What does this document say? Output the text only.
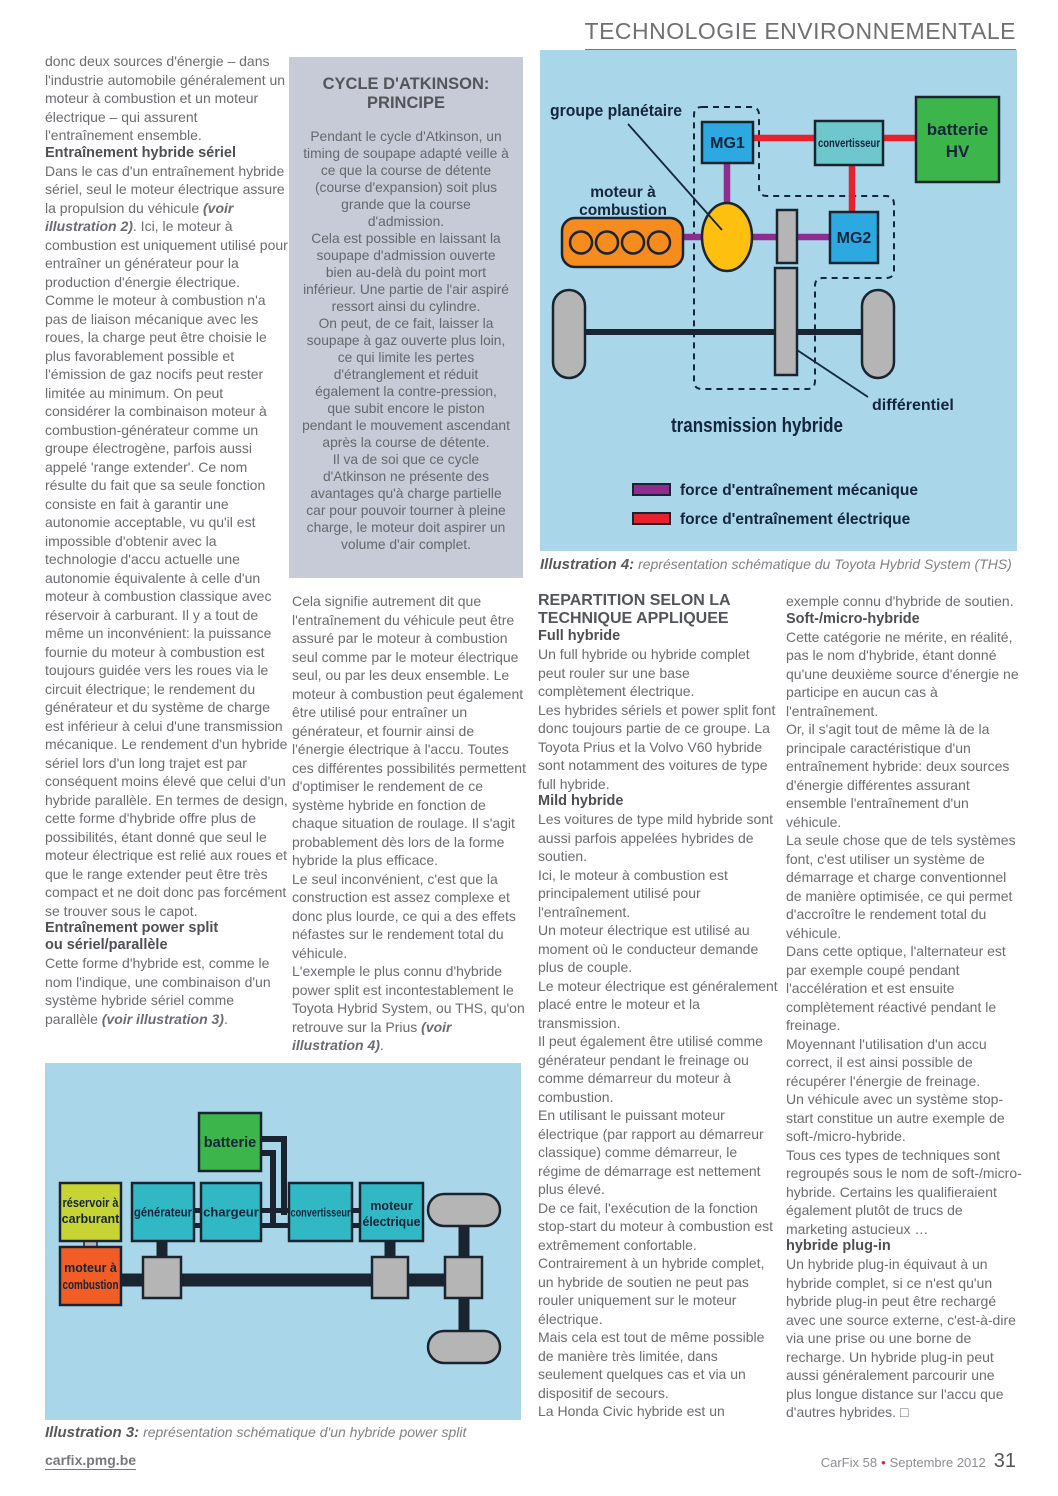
TECHNOLOGIE ENVIRONNEMENTALE

donc deux sources d'énergie – dans l'industrie automobile généralement un moteur à combustion et un moteur électrique – qui assurent l'entraînement ensemble.

Entraînement hybride sériel

Dans le cas d'un entraînement hybride sériel, seul le moteur électrique assure la propulsion du véhicule (voir illustration 2). Ici, le moteur à combustion est uniquement utilisé pour entraîner un générateur pour la production d'énergie électrique. Comme le moteur à combustion n'a pas de liaison mécanique avec les roues, la charge peut être choisie le plus favorablement possible et l'émission de gaz nocifs peut rester limitée au minimum. On peut considérer la combinaison moteur à combustion-générateur comme un groupe électrogène, parfois aussi appelé 'range extender'. Ce nom résulte du fait que sa seule fonction consiste en fait à garantir une autonomie acceptable, vu qu'il est impossible d'obtenir avec la technologie d'accu actuelle une autonomie équivalente à celle d'un moteur à combustion classique avec réservoir à carburant. Il y a tout de même un inconvénient: la puissance fournie du moteur à combustion est toujours guidée vers les roues via le circuit électrique; le rendement du générateur et du système de charge est inférieur à celui d'une transmission mécanique. Le rendement d'un hybride sériel lors d'un long trajet est par conséquent moins élevé que celui d'un hybride parallèle. En termes de design, cette forme d'hybride offre plus de possibilités, étant donné que seul le moteur électrique est relié aux roues et que le range extender peut être très compact et ne doit donc pas forcément se trouver sous le capot.

Entraînement power split
ou sériel/parallèle

Cette forme d'hybride est, comme le nom l'indique, une combinaison d'un système hybride sériel comme parallèle (voir illustration 3).

CYCLE D'ATKINSON:
PRINCIPE

Pendant le cycle d'Atkinson, un timing de soupape adapté veille à ce que la course de détente (course d'expansion) soit plus grande que la course d'admission.

Cela est possible en laissant la soupape d'admission ouverte bien au-delà du point mort inférieur. Une partie de l'air aspiré ressort ainsi du cylindre.

On peut, de ce fait, laisser la soupape à gaz ouverte plus loin, ce qui limite les pertes d'étranglement et réduit également la contre-pression, que subit encore le piston pendant le mouvement ascendant après la course de détente.

Il va de soi que ce cycle d'Atkinson ne présente des avantages qu'à charge partielle car pour pouvoir tourner à pleine charge, le moteur doit aspirer un volume d'air complet.

Cela signifie autrement dit que l'entraînement du véhicule peut être assuré par le moteur à combustion seul comme par le moteur électrique seul, ou par les deux ensemble. Le moteur à combustion peut également être utilisé pour entraîner un générateur, et fournir ainsi de l'énergie électrique à l'accu. Toutes ces différentes possibilités permettent d'optimiser le rendement de ce système hybride en fonction de chaque situation de roulage. Il s'agit probablement dès lors de la forme hybride la plus efficace.

Le seul inconvénient, c'est que la construction est assez complexe et donc plus lourde, ce qui a des effets néfastes sur le rendement total du véhicule.

L'exemple le plus connu d'hybride power split est incontestablement le Toyota Hybrid System, ou THS, qu'on retrouve sur la Prius (voir illustration 4).

MG1	convertisseur
batterie
HV
MG2
groupe planétaire
moteur à
combustion
différentiel
transmission hybride
force d'entraînement mécanique
force d'entraînement électrique
Illustration 4: représentation schématique du Toyota Hybrid System (THS)

REPARTITION SELON LA
TECHNIQUE APPLIQUEE

Full hybride

Un full hybride ou hybride complet peut rouler sur une base complètement électrique.

Les hybrides sériels et power split font donc toujours partie de ce groupe. La Toyota Prius et la Volvo V60 hybride sont notamment des voitures de type full hybride.

Mild hybride

Les voitures de type mild hybride sont aussi parfois appelées hybrides de soutien.

Ici, le moteur à combustion est principalement utilisé pour l'entraînement.

Un moteur électrique est utilisé au moment où le conducteur demande plus de couple.

Le moteur électrique est généralement placé entre le moteur et la transmission.

Il peut également être utilisé comme générateur pendant le freinage ou comme démarreur du moteur à combustion.

En utilisant le puissant moteur électrique (par rapport au démarreur classique) comme démarreur, le régime de démarrage est nettement plus élevé.

De ce fait, l'exécution de la fonction stop-start du moteur à combustion est extrêmement confortable.

Contrairement à un hybride complet, un hybride de soutien ne peut pas rouler uniquement sur le moteur électrique.

Mais cela est tout de même possible de manière très limitée, dans seulement quelques cas et via un dispositif de secours.

La Honda Civic hybride est un

exemple connu d'hybride de soutien.

Soft-/micro-hybride

Cette catégorie ne mérite, en réalité, pas le nom d'hybride, étant donné qu'une deuxième source d'énergie ne participe en aucun cas à l'entraînement.

Or, il s'agit tout de même là de la principale caractéristique d'un entraînement hybride: deux sources d'énergie différentes assurant ensemble l'entraînement d'un véhicule.

La seule chose que de tels systèmes font, c'est utiliser un système de démarrage et charge conventionnel de manière optimisée, ce qui permet d'accroître le rendement total du véhicule.

Dans cette optique, l'alternateur est par exemple coupé pendant l'accélération et est ensuite complètement réactivé pendant le freinage.

Moyennant l'utilisation d'un accu correct, il est ainsi possible de récupérer l'énergie de freinage.

Un véhicule avec un système stop-start constitue un autre exemple de soft-/micro-hybride.

Tous ces types de techniques sont regroupés sous le nom de soft-/micro-hybride. Certains les qualifieraient également plutôt de trucs de marketing astucieux …

hybride plug-in

Un hybride plug-in équivaut à un hybride complet, si ce n'est qu'un hybride plug-in peut être rechargé avec une source externe, c'est-à-dire via une prise ou une borne de recharge. Un hybride plug-in peut aussi généralement parcourir une plus longue distance sur l'accu que d'autres hybrides. □

batterie
réservoir à
carburant générateur chargeur	convertisseur moteur
électrique
moteur à
combustion
Illustration 3: représentation schématique d'un hybride power split
carfix.pmg.be	CarFix 58 • Septembre 2012 31
